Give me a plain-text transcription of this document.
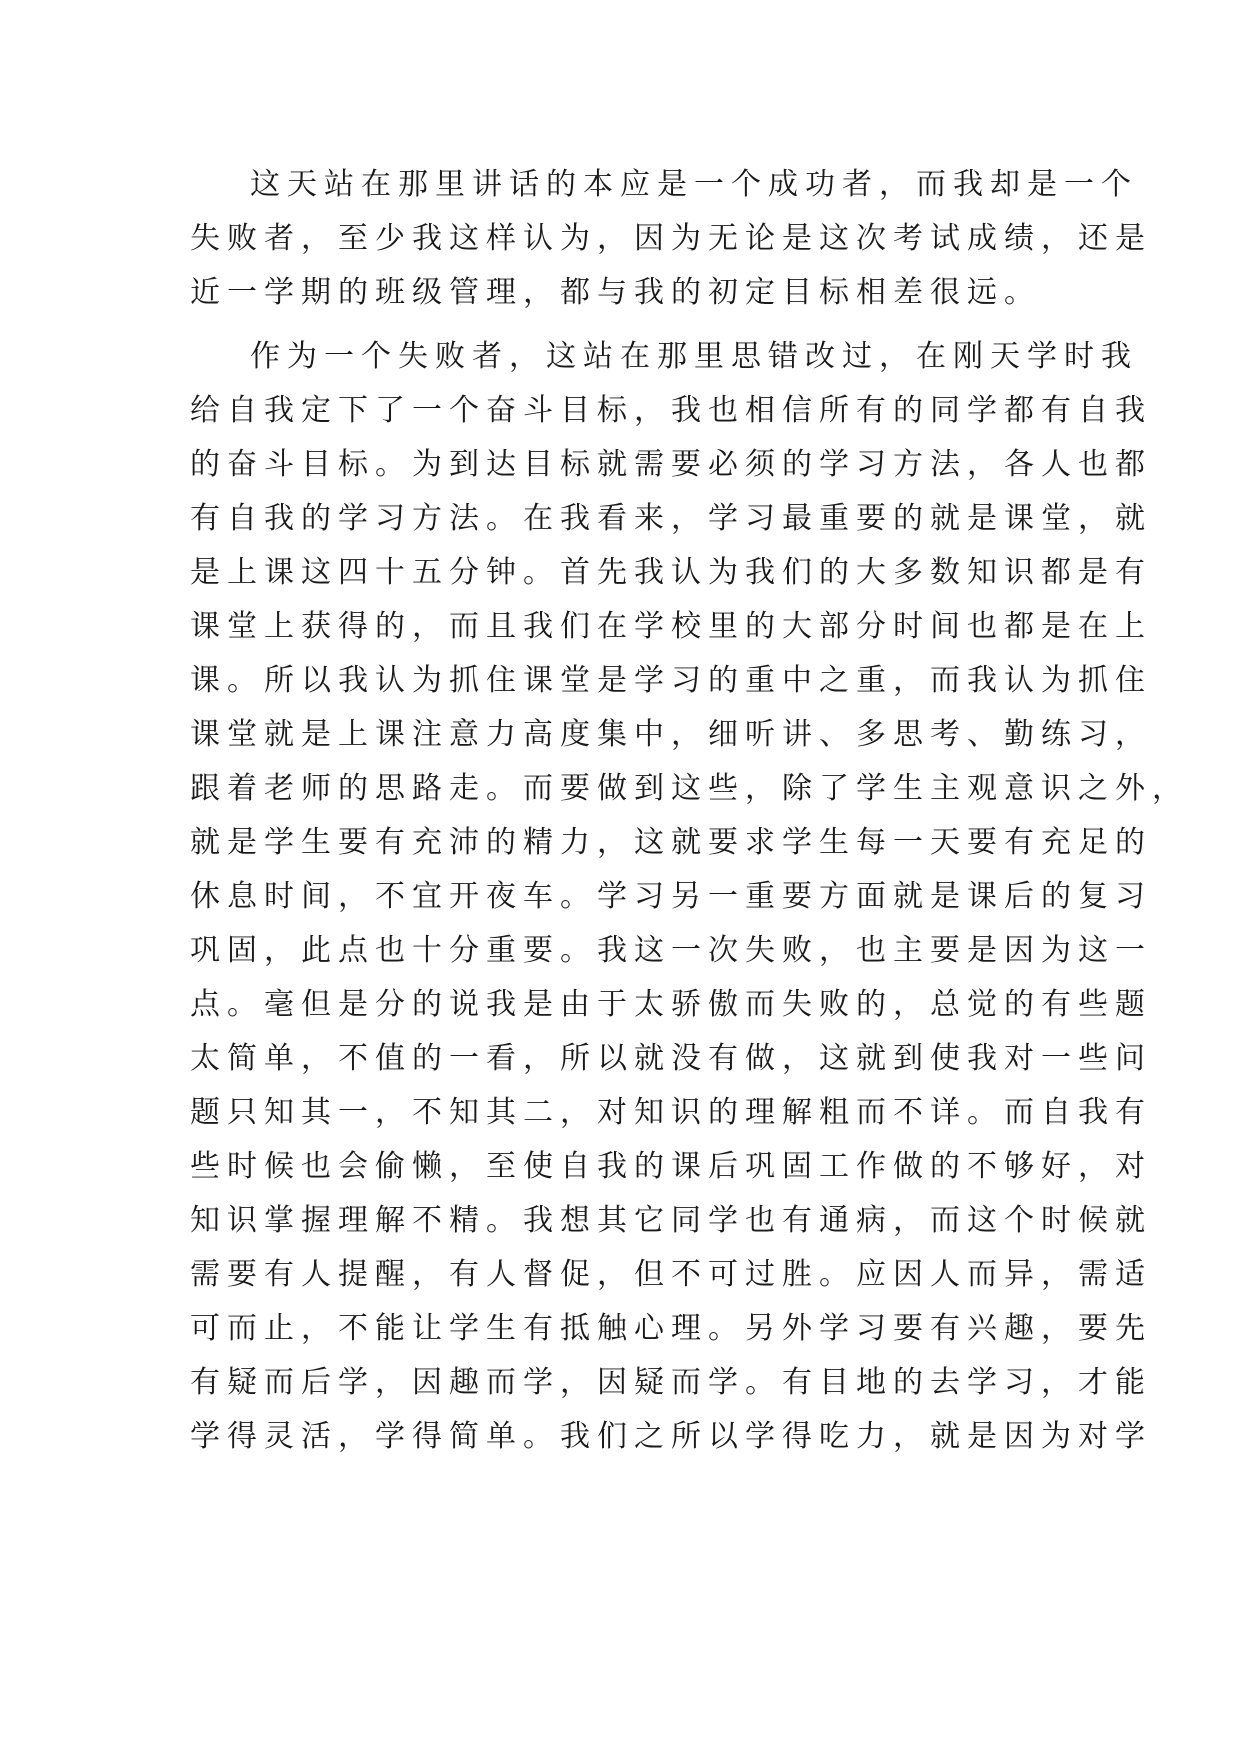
这天站在那里讲话的本应是一个成功者，而我却是一个
失败者，至少我这样认为，因为无论是这次考试成绩，还是
近一学期的班级管理，都与我的初定目标相差很远。

作为一个失败者，这站在那里思错改过，在刚天学时我
给自我定下了一个奋斗目标，我也相信所有的同学都有自我
的奋斗目标。为到达目标就需要必须的学习方法，各人也都
有自我的学习方法。在我看来，学习最重要的就是课堂，就
是上课这四十五分钟。首先我认为我们的大多数知识都是有
课堂上获得的，而且我们在学校里的大部分时间也都是在上
课。所以我认为抓住课堂是学习的重中之重，而我认为抓住
课堂就是上课注意力高度集中，细听讲、多思考、勤练习，
跟着老师的思路走。而要做到这些，除了学生主观意识之外，
就是学生要有充沛的精力，这就要求学生每一天要有充足的
休息时间，不宜开夜车。学习另一重要方面就是课后的复习
巩固，此点也十分重要。我这一次失败，也主要是因为这一
点。毫但是分的说我是由于太骄傲而失败的，总觉的有些题
太简单，不值的一看，所以就没有做，这就到使我对一些问
题只知其一，不知其二，对知识的理解粗而不详。而自我有
些时候也会偷懒，至使自我的课后巩固工作做的不够好，对
知识掌握理解不精。我想其它同学也有通病，而这个时候就
需要有人提醒，有人督促，但不可过胜。应因人而异，需适
可而止，不能让学生有抵触心理。另外学习要有兴趣，要先
有疑而后学，因趣而学，因疑而学。有目地的去学习，才能
学得灵活，学得简单。我们之所以学得吃力，就是因为对学
